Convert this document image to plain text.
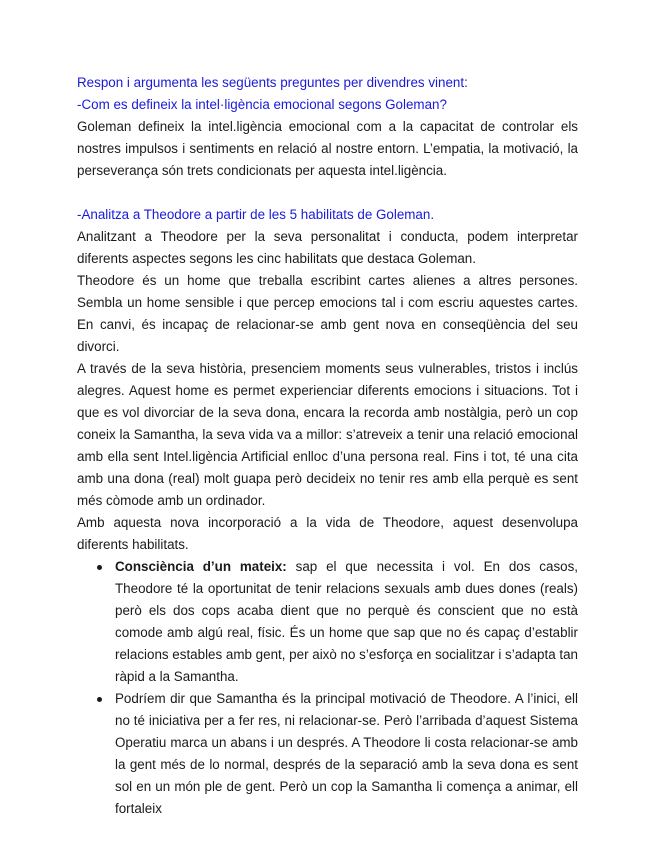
Respon i argumenta les següents preguntes per divendres vinent:

-Com es defineix la intel·ligència emocional segons Goleman?

Goleman defineix la intel.ligència emocional com a la capacitat de controlar els nostres impulsos i sentiments en relació al nostre entorn. L’empatia, la motivació, la perseverança són trets condicionats per aquesta intel.ligència.

-Analitza a Theodore a partir de les 5 habilitats de Goleman.

Analitzant a Theodore per la seva personalitat i conducta, podem interpretar diferents aspectes segons les cinc habilitats que destaca Goleman.

Theodore és un home que treballa escribint cartes alienes a altres persones. Sembla un home sensible i que percep emocions tal i com escriu aquestes cartes. En canvi, és incapaç de relacionar-se amb gent nova en conseqüència del seu divorci.

A través de la seva història, presenciem moments seus vulnerables, tristos i inclús alegres. Aquest home es permet experienciar diferents emocions i situacions. Tot i que es vol divorciar de la seva dona, encara la recorda amb nostàlgia, però un cop coneix la Samantha, la seva vida va a millor: s’atreveix a tenir una relació emocional amb ella sent Intel.ligència Artificial enlloc d’una persona real. Fins i tot, té una cita amb una dona (real) molt guapa però decideix no tenir res amb ella perquè es sent més còmode amb un ordinador.

Amb aquesta nova incorporació a la vida de Theodore, aquest desenvolupa diferents habilitats.

Consciència d’un mateix: sap el que necessita i vol. En dos casos, Theodore té la oportunitat de tenir relacions sexuals amb dues dones (reals) però els dos cops acaba dient que no perquè és conscient que no està comode amb algú real, físic. És un home que sap que no és capaç d’establir relacions estables amb gent, per això no s’esforça en socialitzar i s’adapta tan ràpid a la Samantha.
Podríem dir que Samantha és la principal motivació de Theodore. A l’inici, ell no té iniciativa per a fer res, ni relacionar-se. Però l’arribada d’aquest Sistema Operatiu marca un abans i un després. A Theodore li costa relacionar-se amb la gent més de lo normal, després de la separació amb la seva dona es sent sol en un món ple de gent. Però un cop la Samantha li comença a animar, ell fortaleix
